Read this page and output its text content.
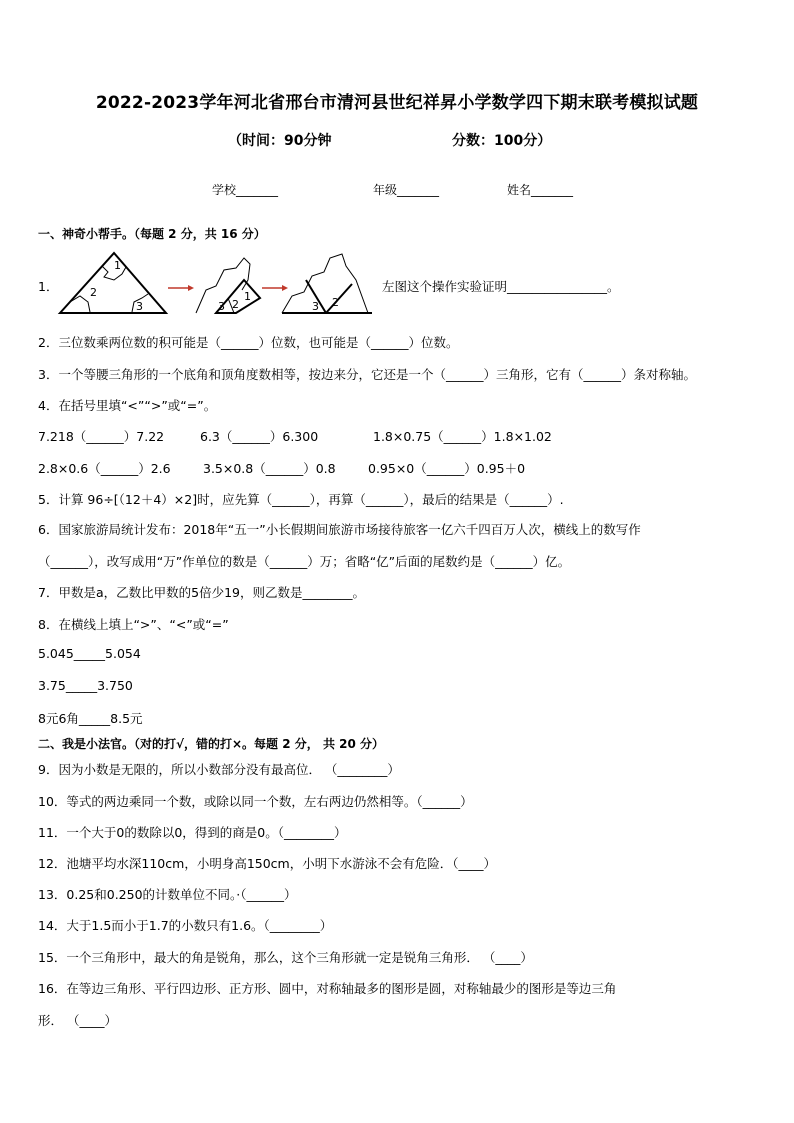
2022-2023学年河北省邢台市清河县世纪祥昇小学数学四下期末联考模拟试题
（时间：90分钟	分数：100分）
学校_______	年级_______	姓名_______
一、神奇小帮手。（每题 2 分，共 16 分）
1．
1
2
3	3 2
1
3 2
左图这个操作实验证明________________。
2．三位数乘两位数的积可能是（______）位数，也可能是（______）位数。
3．一个等腰三角形的一个底角和顶角度数相等，按边来分，它还是一个（______）三角形，它有（______）条对称轴。
4．在括号里填“<”“>”或“=”。
7.218（______）7.22	6.3（______）6.300	1.8×0.75（______）1.8×1.02
2.8×0.6（______）2.6	3.5×0.8（______）0.8	0.95×0（______）0.95＋0
5．计算 96÷[（12＋4）×2]时，应先算（______），再算（______），最后的结果是（______）.
6．国家旅游局统计发布：2018年“五一”小长假期间旅游市场接待旅客一亿六千四百万人次，横线上的数写作
（______），改写成用“万”作单位的数是（______）万；省略“亿”后面的尾数约是（______）亿。
7．甲数是a，乙数比甲数的5倍少19，则乙数是________。
8．在横线上填上“>”、“<”或“=”
5.045_____5.054
3.75_____3.750
8元6角_____8.5元
二、我是小法官。（对的打√，错的打×。每题 2 分， 共 20 分）
9．因为小数是无限的，所以小数部分没有最高位． （________）
10．等式的两边乘同一个数，或除以同一个数，左右两边仍然相等。（______）
11．一个大于0的数除以0，得到的商是0。（________）
12．池塘平均水深110cm，小明身高150cm，小明下水游泳不会有危险．（____）
13．0.25和0.250的计数单位不同。·（______）
14．大于1.5而小于1.7的小数只有1.6。（________）
15．一个三角形中，最大的角是锐角，那么，这个三角形就一定是锐角三角形． （____）
16．在等边三角形、平行四边形、正方形、圆中，对称轴最多的图形是圆，对称轴最少的图形是等边三角
形． （____）
